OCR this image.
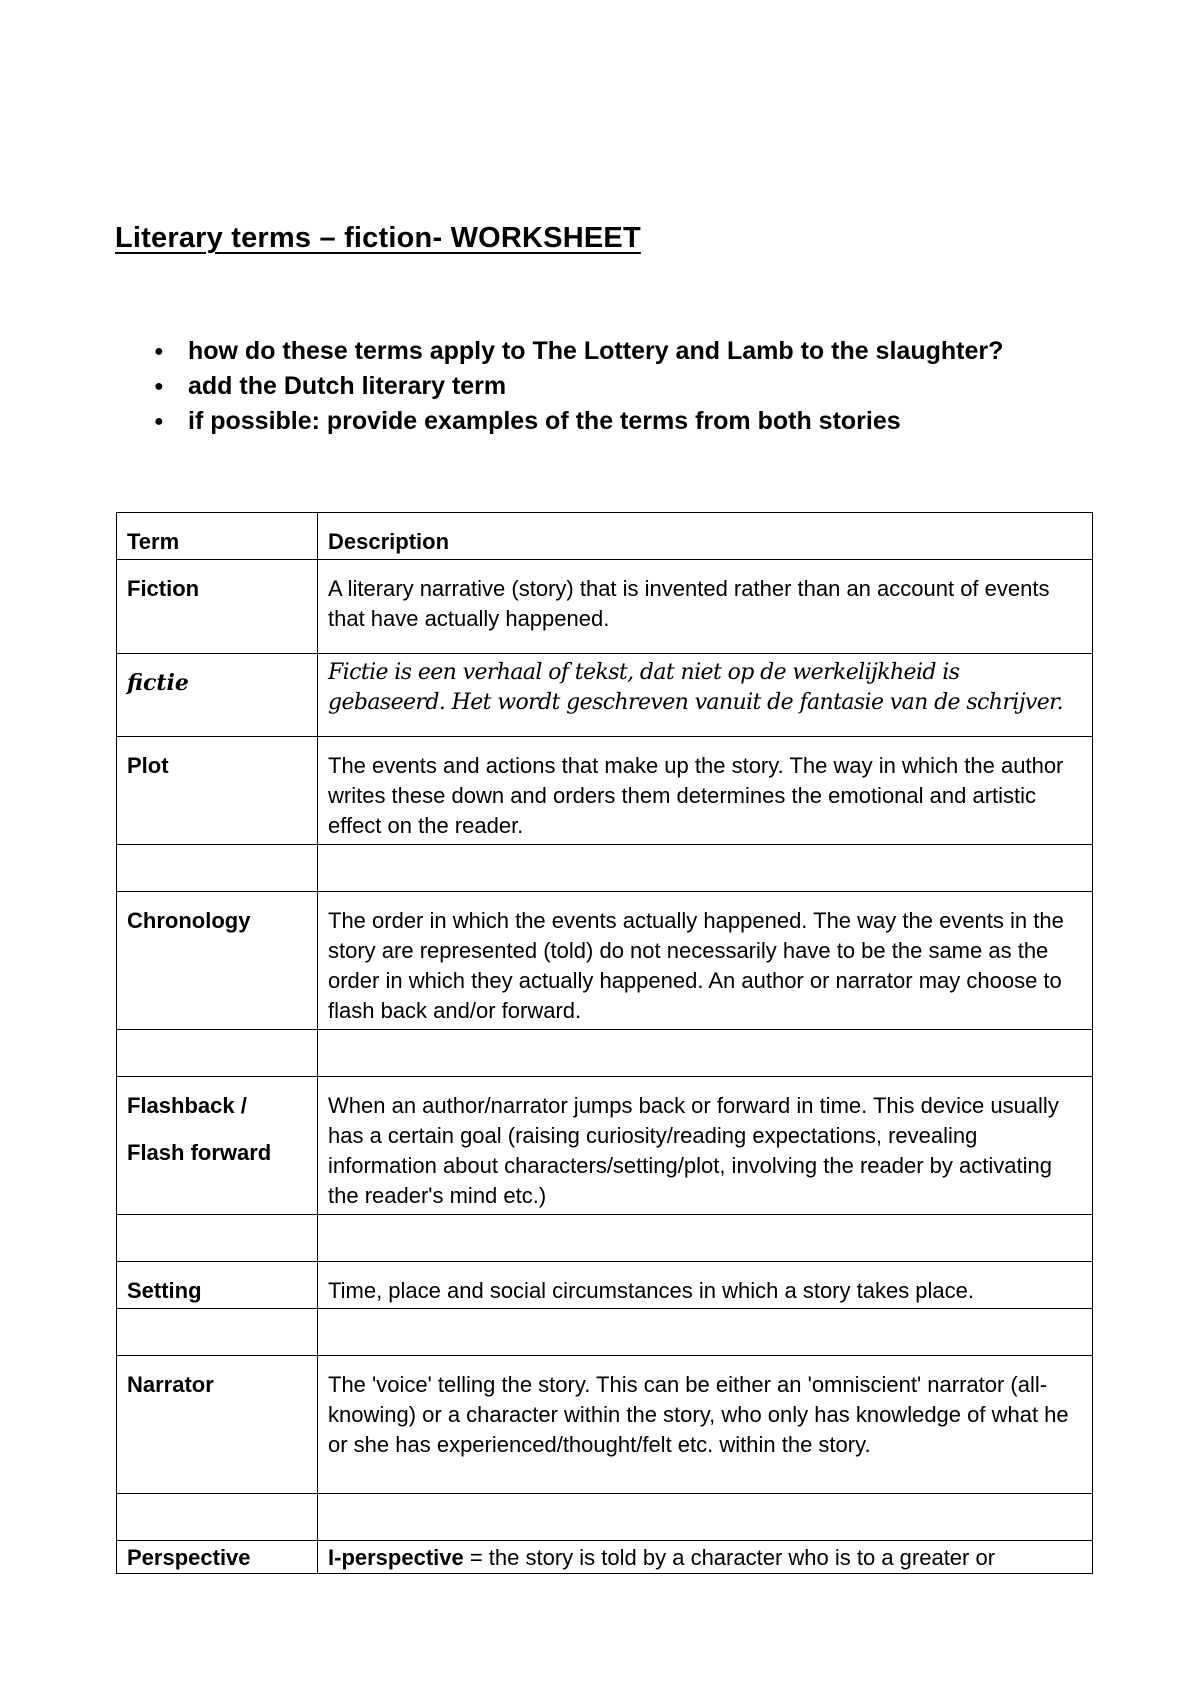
Literary terms – fiction- WORKSHEET
● how do these terms apply to The Lottery and Lamb to the slaughter?
● add the Dutch literary term
● if possible: provide examples of the terms from both stories
Term	Description
Fiction	A literary narrative (story) that is invented rather than an account of events that have actually happened.
fictie	Fictie is een verhaal of tekst, dat niet op de werkelijkheid is gebaseerd. Het wordt geschreven vanuit de fantasie van de schrijver.
Plot	The events and actions that make up the story. The way in which the author writes these down and orders them determines the emotional and artistic effect on the reader.

Chronology	The order in which the events actually happened. The way the events in the story are represented (told) do not necessarily have to be the same as the order in which they actually happened. An author or narrator may choose to flash back and/or forward.

Flashback /
Flash forward	When an author/narrator jumps back or forward in time. This device usually has a certain goal (raising curiosity/reading expectations, revealing information about characters/setting/plot, involving the reader by activating the reader's mind etc.)

Setting	Time, place and social circumstances in which a story takes place.

Narrator	The 'voice' telling the story. This can be either an 'omniscient' narrator (all-knowing) or a character within the story, who only has knowledge of what he or she has experienced/thought/felt etc. within the story.

Perspective	I-perspective = the story is told by a character who is to a greater or
